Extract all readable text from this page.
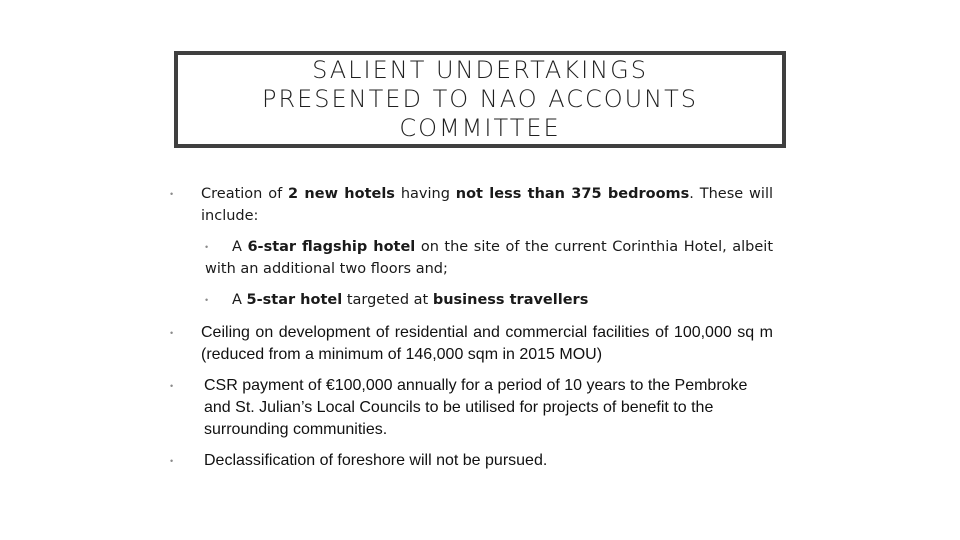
SALIENT UNDERTAKINGS
PRESENTED TO NAO ACCOUNTS
COMMITTEE
• Creation of 2 new hotels having not less than 375 bedrooms. These will include:
•	A 6-star flagship hotel on the site of the current Corinthia Hotel, albeit with an additional two floors and;
• A 5-star hotel targeted at business travellers
• Ceiling on development of residential and commercial facilities of 100,000 sq m (reduced from a minimum of 146,000 sqm in 2015 MOU)
• CSR payment of €100,000 annually for a period of 10 years to the Pembroke and St. Julian’s Local Councils to be utilised for projects of benefit to the surrounding communities.
• Declassification of foreshore will not be pursued.
